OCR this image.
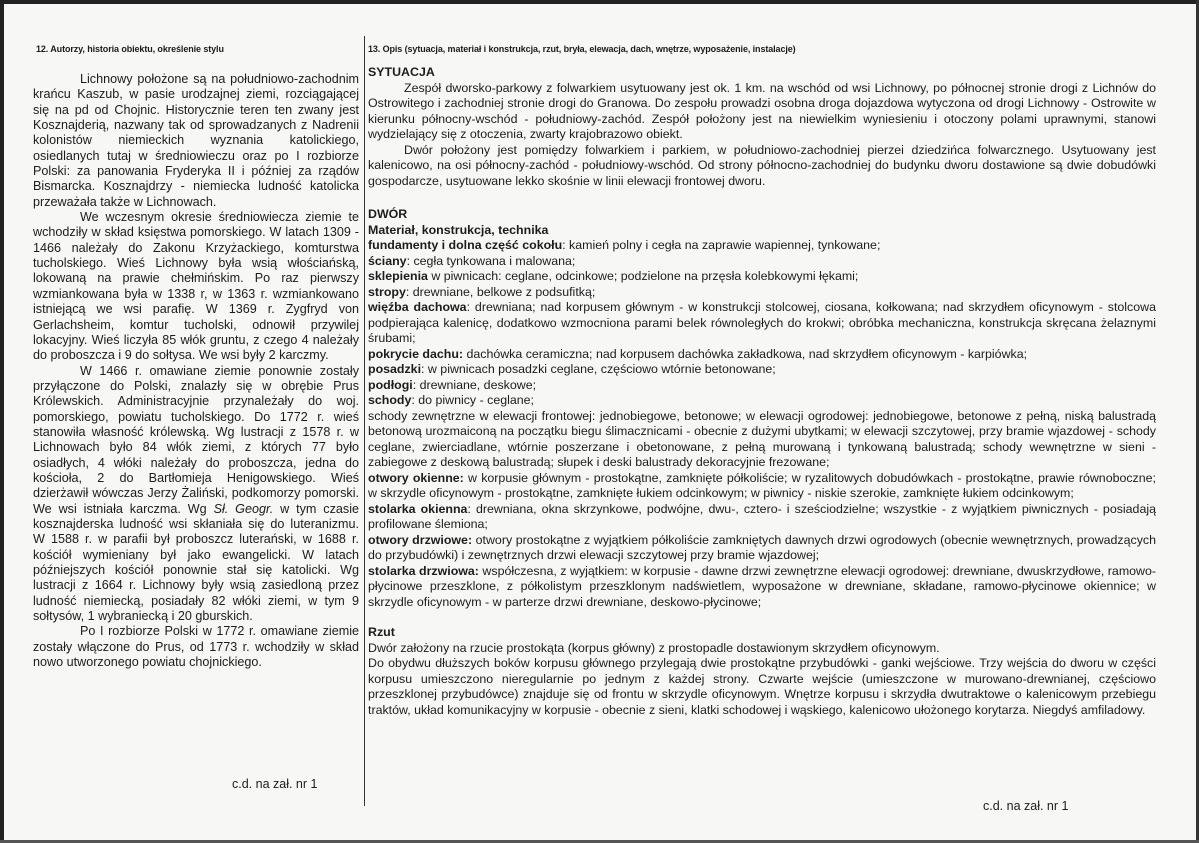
12. Autorzy, historia obiektu, określenie stylu	13. Opis (sytuacja, materiał i konstrukcja, rzut, bryła, elewacja, dach, wnętrze, wyposażenie, instalacje)

Lichnowy położone są na południowo-zachodnim krańcu Kaszub, w pasie urodzajnej ziemi, rozciągającej się na pd od Chojnic. Historycznie teren ten zwany jest Kosznajderią, nazwany tak od sprowadzanych z Nadrenii kolonistów niemieckich wyznania katolickiego, osiedlanych tutaj w średniowieczu oraz po I rozbiorze Polski: za panowania Fryderyka II i później za rządów Bismarcka. Kosznajdrzy - niemiecka ludność katolicka przeważała także w Lichnowach.

We wczesnym okresie średniowiecza ziemie te wchodziły w skład księstwa pomorskiego. W latach 1309 - 1466 należały do Zakonu Krzyżackiego, komturstwa tucholskiego. Wieś Lichnowy była wsią włościańską, lokowaną na prawie chełmińskim. Po raz pierwszy wzmiankowana była w 1338 r, w 1363 r. wzmiankowano istniejącą we wsi parafię. W 1369 r. Zygfryd von Gerlachsheim, komtur tucholski, odnowił przywilej lokacyjny. Wieś liczyła 85 włók gruntu, z czego 4 należały do proboszcza i 9 do sołtysa. We wsi były 2 karczmy.

W 1466 r. omawiane ziemie ponownie zostały przyłączone do Polski, znalazły się w obrębie Prus Królewskich. Administracyjnie przynależały do woj. pomorskiego, powiatu tucholskiego. Do 1772 r. wieś stanowiła własność królewską. Wg lustracji z 1578 r. w Lichnowach było 84 włók ziemi, z których 77 było osiadłych, 4 włóki należały do proboszcza, jedna do kościoła, 2 do Bartłomieja Henigowskiego. Wieś dzierżawił wówczas Jerzy Żaliński, podkomorzy pomorski. We wsi istniała karczma. Wg Sł. Geogr. w tym czasie kosznajderska ludność wsi skłaniała się do luteranizmu. W 1588 r. w parafii był proboszcz luterański, w 1688 r. kościół wymieniany był jako ewangelicki. W latach późniejszych kościół ponownie stał się katolicki. Wg lustracji z 1664 r. Lichnowy były wsią zasiedloną przez ludność niemiecką, posiadały 82 włóki ziemi, w tym 9 sołtysów, 1 wybraniecką i 20 gburskich.

Po I rozbiorze Polski w 1772 r. omawiane ziemie zostały włączone do Prus, od 1773 r. wchodziły w skład nowo utworzonego powiatu chojnickiego.

c.d. na zał. nr 1

SYTUACJA

Zespół dworsko-parkowy z folwarkiem usytuowany jest ok. 1 km. na wschód od wsi Lichnowy, po północnej stronie drogi z Lichnów do Ostrowitego i zachodniej stronie drogi do Granowa. Do zespołu prowadzi osobna droga dojazdowa wytyczona od drogi Lichnowy - Ostrowite w kierunku północny-wschód - południowy-zachód. Zespół położony jest na niewielkim wyniesieniu i otoczony polami uprawnymi, stanowi wydzielający się z otoczenia, zwarty krajobrazowo obiekt.

Dwór położony jest pomiędzy folwarkiem i parkiem, w południowo-zachodniej pierzei dziedzińca folwarcznego. Usytuowany jest kalenicowo, na osi północny-zachód - południowy-wschód. Od strony północno-zachodniej do budynku dworu dostawione są dwie dobudówki gospodarcze, usytuowane lekko skośnie w linii elewacji frontowej dworu.

DWÓR

Materiał, konstrukcja, technika

fundamenty i dolna część cokołu: kamień polny i cegła na zaprawie wapiennej, tynkowane;

ściany: cegła tynkowana i malowana;

sklepienia w piwnicach: ceglane, odcinkowe; podzielone na przęsła kolebkowymi łękami;

stropy: drewniane, belkowe z podsufitką;

więźba dachowa: drewniana; nad korpusem głównym - w konstrukcji stolcowej, ciosana, kołkowana; nad skrzydłem oficynowym - stolcowa podpierająca kalenicę, dodatkowo wzmocniona parami belek równoległych do krokwi; obróbka mechaniczna, konstrukcja skręcana żelaznymi śrubami;

pokrycie dachu: dachówka ceramiczna; nad korpusem dachówka zakładkowa, nad skrzydłem oficynowym - karpiówka;

posadzki: w piwnicach posadzki ceglane, częściowo wtórnie betonowane;

podłogi: drewniane, deskowe;

schody: do piwnicy - ceglane;

schody zewnętrzne w elewacji frontowej: jednobiegowe, betonowe; w elewacji ogrodowej: jednobiegowe, betonowe z pełną, niską balustradą betonową urozmaiconą na początku biegu ślimacznicami - obecnie z dużymi ubytkami; w elewacji szczytowej, przy bramie wjazdowej - schody ceglane, zwierciadlane, wtórnie poszerzane i obetonowane, z pełną murowaną i tynkowaną balustradą; schody wewnętrzne w sieni - zabiegowe z deskową balustradą; słupek i deski balustrady dekoracyjnie frezowane;

otwory okienne: w korpusie głównym - prostokątne, zamknięte półkoliście; w ryzalitowych dobudówkach - prostokątne, prawie równoboczne; w skrzydle oficynowym - prostokątne, zamknięte łukiem odcinkowym; w piwnicy - niskie szerokie, zamknięte łukiem odcinkowym;

stolarka okienna: drewniana, okna skrzynkowe, podwójne, dwu-, cztero- i sześciodzielne; wszystkie - z wyjątkiem piwnicznych - posiadają profilowane ślemiona;

otwory drzwiowe: otwory prostokątne z wyjątkiem półkoliście zamkniętych dawnych drzwi ogrodowych (obecnie wewnętrznych, prowadzących do przybudówki) i zewnętrznych drzwi elewacji szczytowej przy bramie wjazdowej;

stolarka drzwiowa: współczesna, z wyjątkiem: w korpusie - dawne drzwi zewnętrzne elewacji ogrodowej: drewniane, dwuskrzydłowe, ramowo-płycinowe przeszklone, z półkolistym przeszklonym nadświetlem, wyposażone w drewniane, składane, ramowo-płycinowe okiennice; w skrzydle oficynowym - w parterze drzwi drewniane, deskowo-płycinowe;

Rzut

Dwór założony na rzucie prostokąta (korpus główny) z prostopadle dostawionym skrzydłem oficynowym.

Do obydwu dłuższych boków korpusu głównego przylegają dwie prostokątne przybudówki - ganki wejściowe. Trzy wejścia do dworu w części korpusu umieszczono nieregularnie po jednym z każdej strony. Czwarte wejście (umieszczone w murowano-drewnianej, częściowo przeszklonej przybudówce) znajduje się od frontu w skrzydle oficynowym. Wnętrze korpusu i skrzydła dwutraktowe o kalenicowym przebiegu traktów, układ komunikacyjny w korpusie - obecnie z sieni, klatki schodowej i wąskiego, kalenicowo ułożonego korytarza. Niegdyś amfiladowy.

c.d. na zał. nr 1
